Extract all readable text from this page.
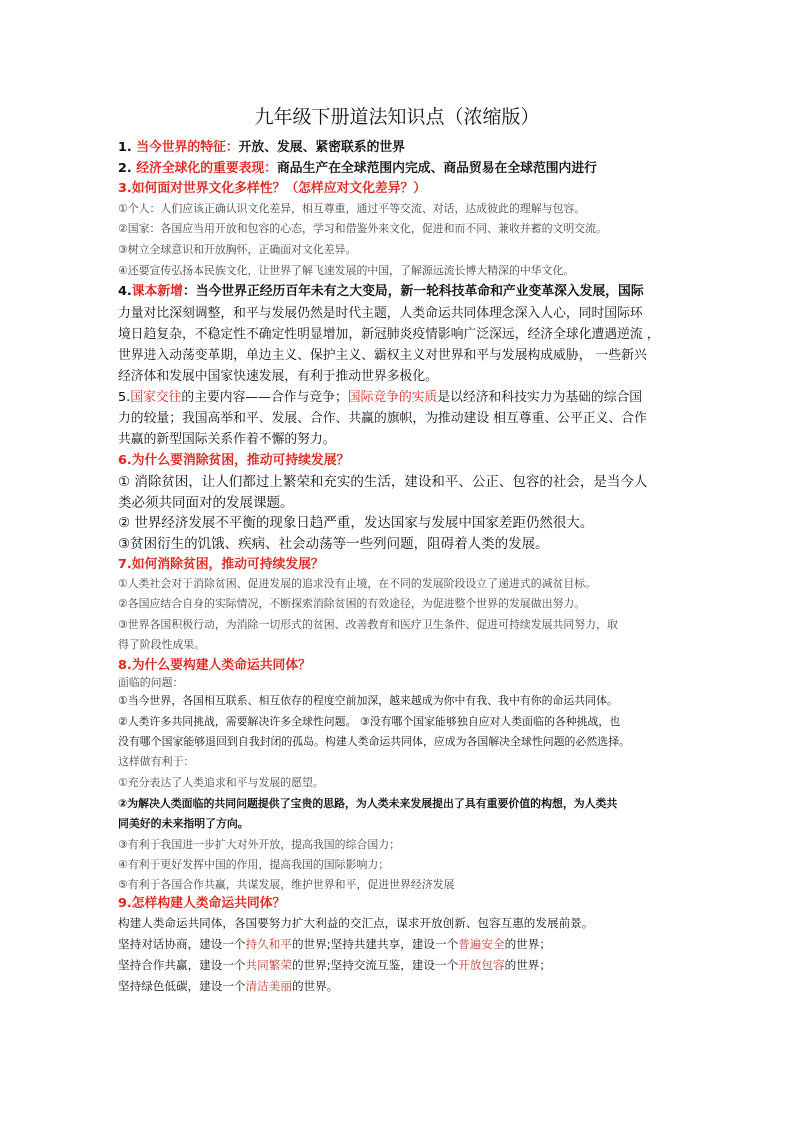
九年级下册道法知识点（浓缩版）
1. 当今世界的特征：开放、发展、紧密联系的世界
2. 经济全球化的重要表现：商品生产在全球范围内完成、商品贸易在全球范围内进行
3.如何面对世界文化多样性？（怎样应对文化差异？）
①个人：人们应该正确认识文化差异，相互尊重，通过平等交流、对话，达成彼此的理解与包容。
②国家：各国应当用开放和包容的心态，学习和借鉴外来文化，促进和而不同、兼收并蓄的文明交流。
③树立全球意识和开放胸怀，正确面对文化差异。
④还要宣传弘扬本民族文化，让世界了解飞速发展的中国，了解源远流长博大精深的中华文化。
4.课本新增：当今世界正经历百年未有之大变局，新一轮科技革命和产业变革深入发展，国际
力量对比深刻调整，和平与发展仍然是时代主题，人类命运共同体理念深入人心，同时国际环
境日趋复杂，不稳定性不确定性明显增加，新冠肺炎疫情影响广泛深远，经济全球化遭遇逆流 ，
世界进入动荡变革期，单边主义、保护主义、霸权主义对世界和平与发展构成威胁， 一些新兴
经济体和发展中国家快速发展，有利于推动世界多极化。
5.国家交往的主要内容——合作与竞争；国际竞争的实质是以经济和科技实力为基础的综合国
力的较量；我国高举和平、发展、合作、共赢的旗帜，为推动建设 相互尊重、公平正义、合作
共赢的新型国际关系作着不懈的努力。
6.为什么要消除贫困，推动可持续发展？
① 消除贫困，让人们都过上繁荣和充实的生活，建设和平、公正、包容的社会，是当今人
类必须共同面对的发展课题。
② 世界经济发展不平衡的现象日趋严重，发达国家与发展中国家差距仍然很大。
③贫困衍生的饥饿、疾病、社会动荡等一些列问题，阻碍着人类的发展。
7.如何消除贫困，推动可持续发展？
①人类社会对于消除贫困、促进发展的追求没有止境，在不同的发展阶段设立了递进式的减贫目标。
②各国应结合自身的实际情况，不断探索消除贫困的有效途径，为促进整个世界的发展做出努力。
③世界各国积极行动，为消除一切形式的贫困、改善教育和医疗卫生条件、促进可持续发展共同努力，取
得了阶段性成果。
8.为什么要构建人类命运共同体？
面临的问题：
①当今世界，各国相互联系、相互依存的程度空前加深，越来越成为你中有我、我中有你的命运共同体。
②人类许多共同挑战，需要解决许多全球性问题。 ③没有哪个国家能够独自应对人类面临的各种挑战，也
没有哪个国家能够退回到自我封闭的孤岛。构建人类命运共同体，应成为各国解决全球性问题的必然选择。
这样做有利于：
①充分表达了人类追求和平与发展的愿望。
②为解决人类面临的共同问题提供了宝贵的思路，为人类未来发展提出了具有重要价值的构想，为人类共
同美好的未来指明了方向。
③有利于我国进一步扩大对外开放，提高我国的综合国力；
④有利于更好发挥中国的作用，提高我国的国际影响力；
⑤有利于各国合作共赢，共谋发展，维护世界和平，促进世界经济发展
9.怎样构建人类命运共同体？
构建人类命运共同体，各国要努力扩大利益的交汇点，谋求开放创新、包容互惠的发展前景。
坚持对话协商，建设一个持久和平的世界;坚持共建共享，建设一个普遍安全的世界；
坚持合作共赢，建设一个共同繁荣的世界;坚持交流互鉴，建设一个开放包容的世界；
坚持绿色低碳，建设一个清洁美丽的世界。
